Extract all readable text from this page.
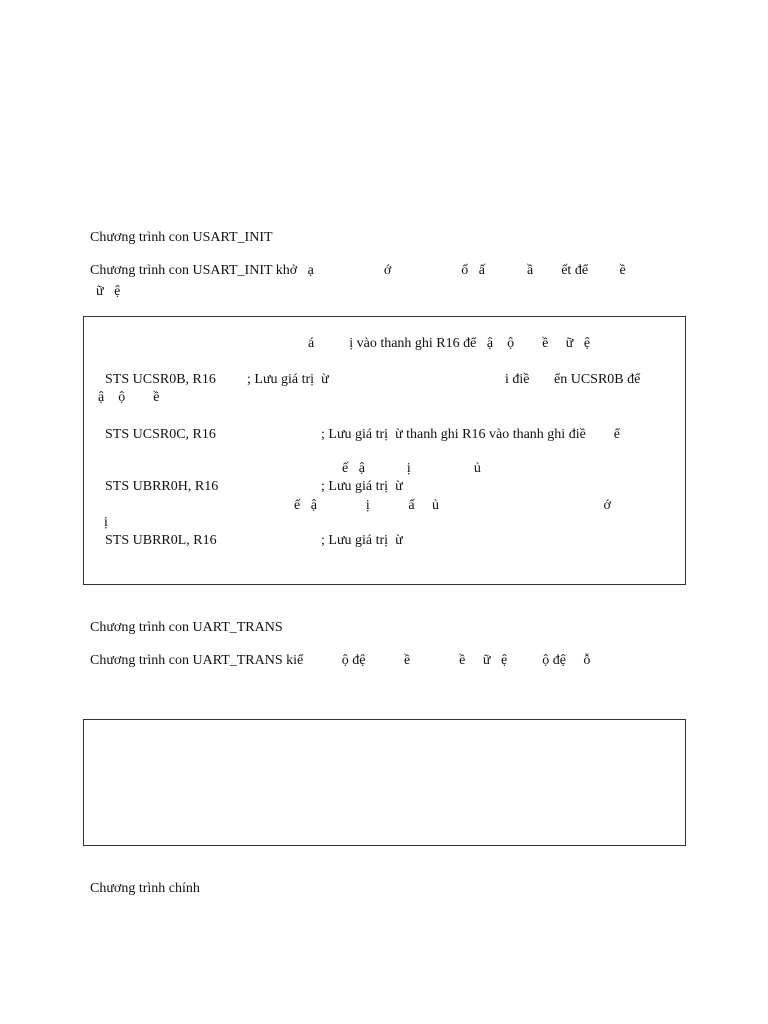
Chương trình con USART_INIT
Chương trình con USART_INIT khở   ạ                    ớ                    ố   ấ            ầ        ết để         ề
ữ   ệ
á          ị vào thanh ghi R16 để   ậ    ộ        ề     ữ   ệ
STS UCSR0B, R16 ; Lưu giá trị  ừ	i điề       ển UCSR0B để
ậ    ộ        ề
STS UCSR0C, R16	; Lưu giá trị  ừ thanh ghi R16 vào thanh ghi điề        ể
ế   ậ            ị                  ủ
STS UBRR0H, R16	; Lưu giá trị  ừ
ế   ậ              ị           ấ     ủ                                               ớ
ị
STS UBRR0L, R16	; Lưu giá trị  ừ
Chương trình con UART_TRANS
Chương trình con UART_TRANS kiể           ộ đệ           ề              ề     ữ   ệ          ộ đệ     ỗ
Chương trình chính
